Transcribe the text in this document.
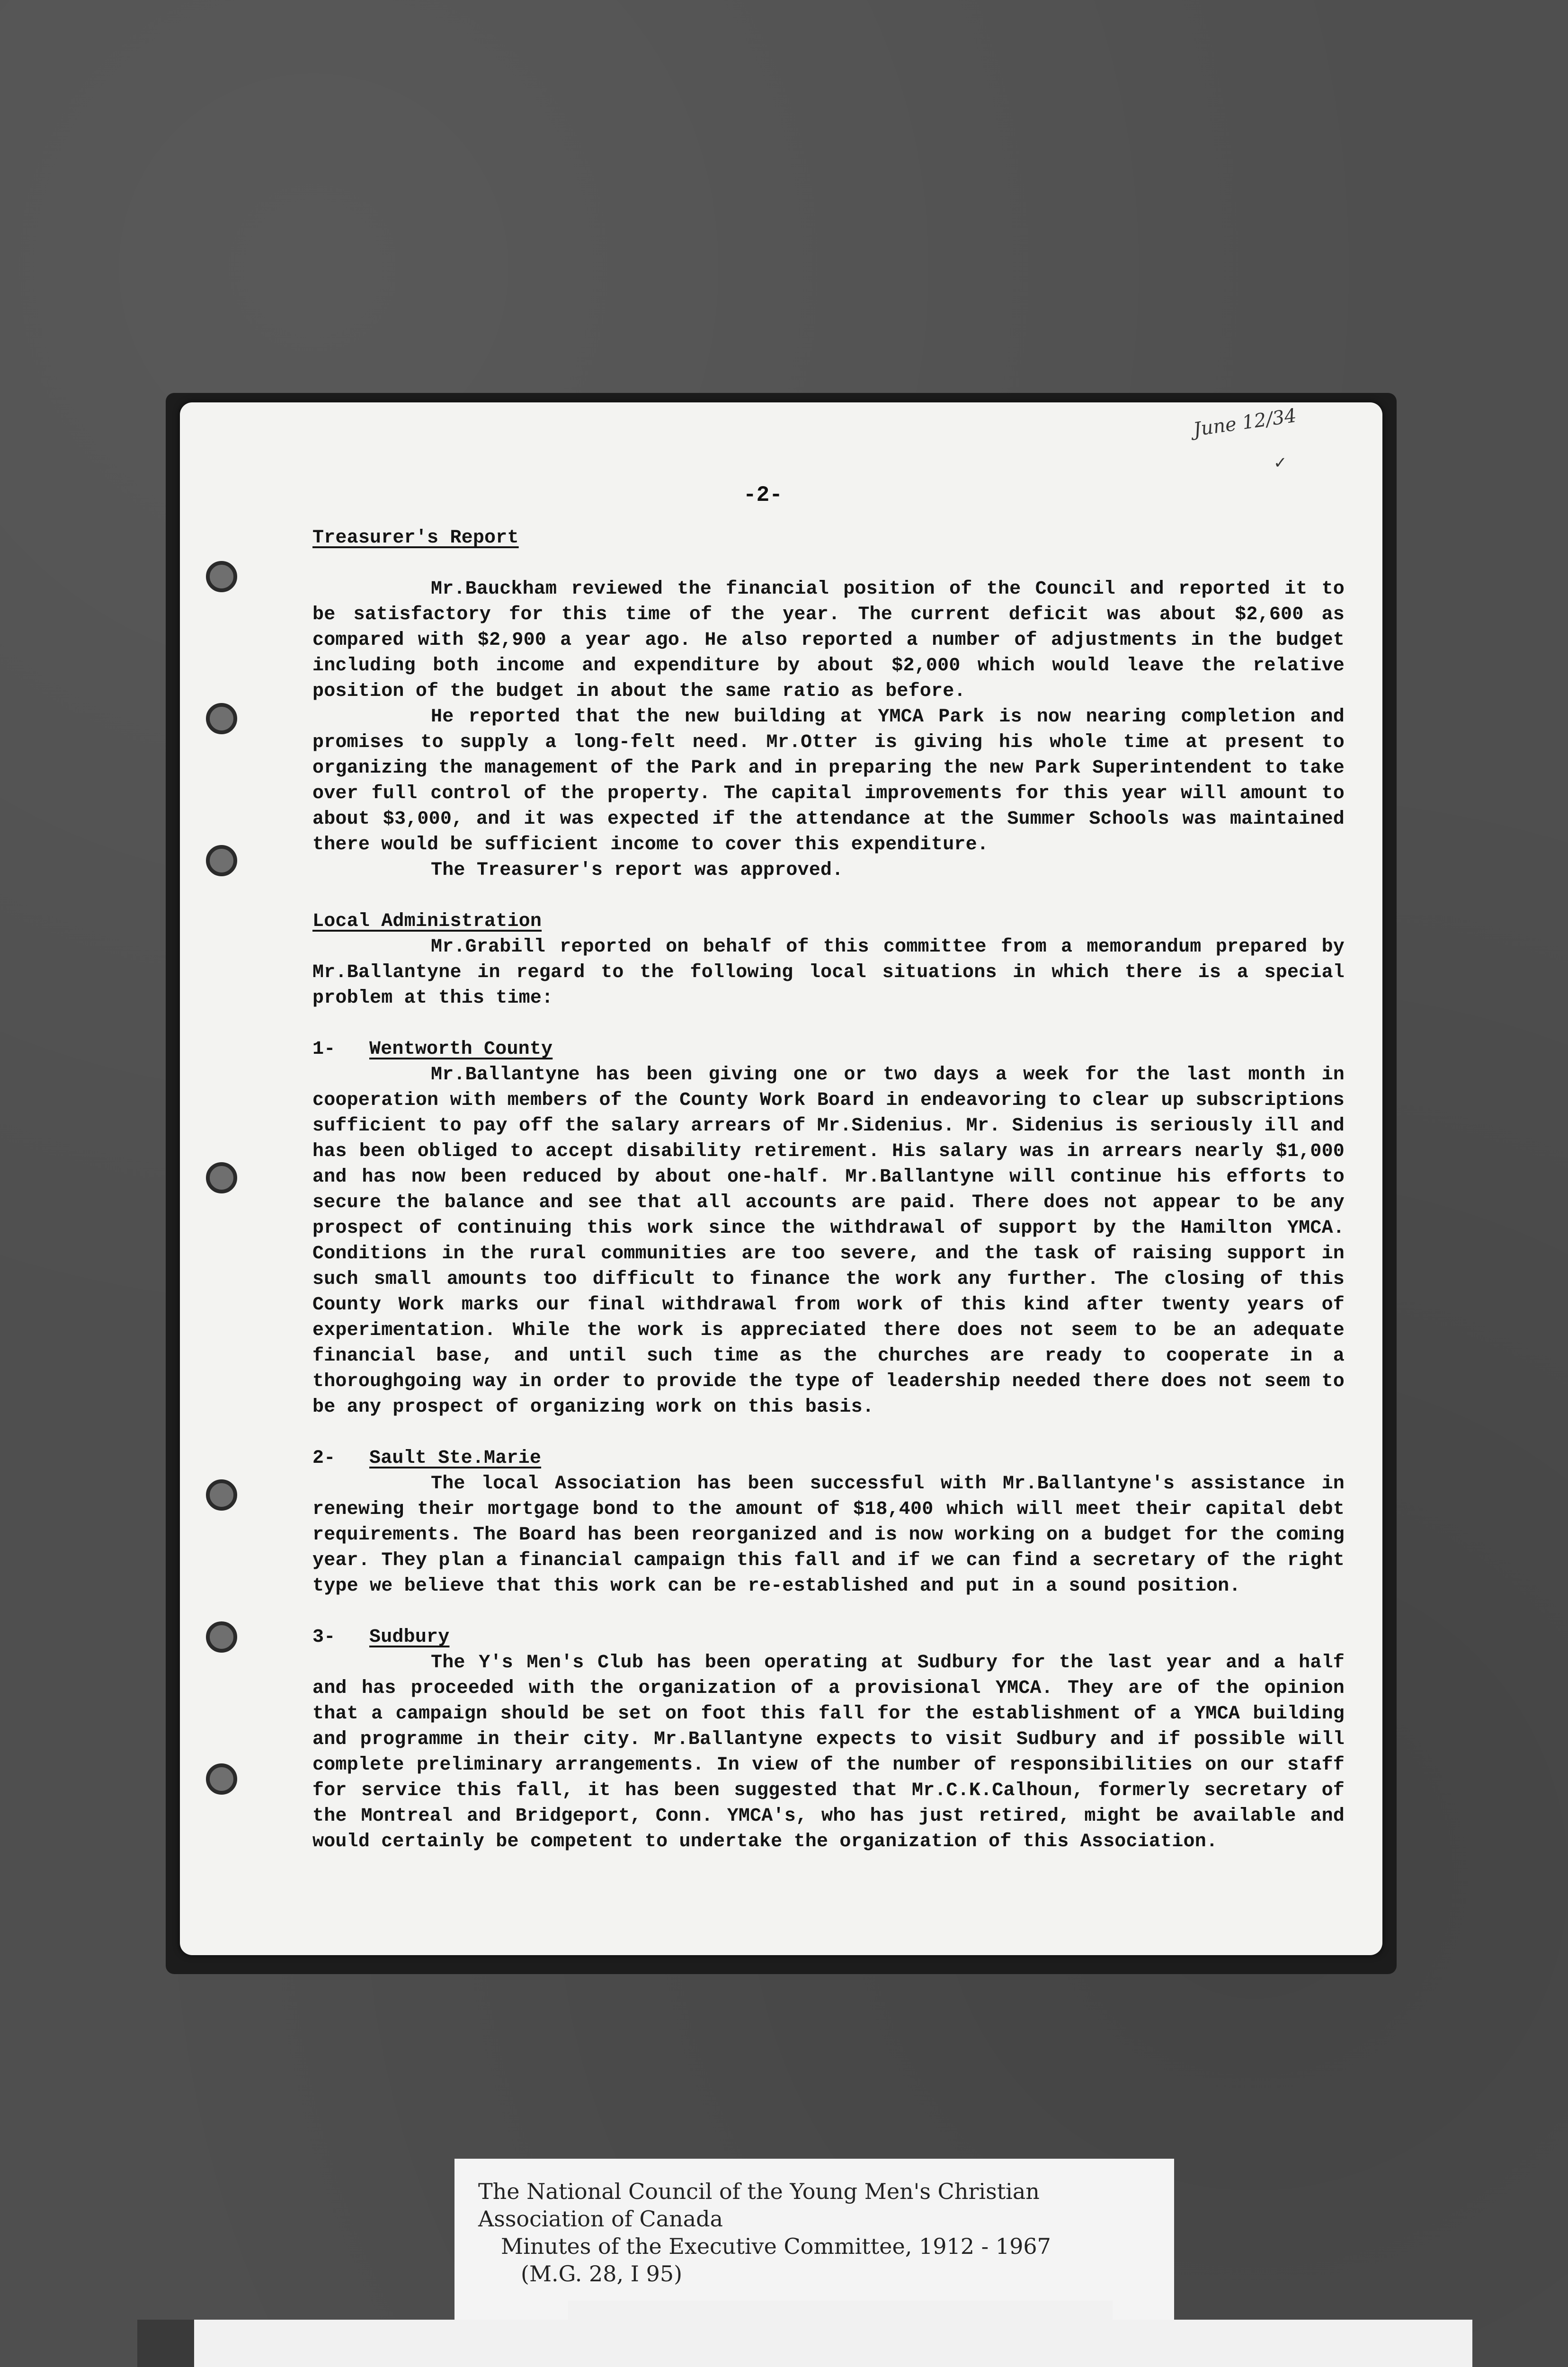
June 12/34
✓
-2-

Treasurer's Report

Mr.Bauckham reviewed the financial position of the Council and reported it to be satisfactory for this time of the year. The current deficit was about $2,600 as compared with $2,900 a year ago. He also reported a number of adjustments in the budget including both income and expenditure by about $2,000 which would leave the relative position of the budget in about the same ratio as before.

He reported that the new building at YMCA Park is now nearing completion and promises to supply a long-felt need. Mr.Otter is giving his whole time at present to organizing the management of the Park and in preparing the new Park Superintendent to take over full control of the property. The capital improvements for this year will amount to about $3,000, and it was expected if the attendance at the Summer Schools was maintained there would be sufficient income to cover this expenditure.

The Treasurer's report was approved.

Local Administration

Mr.Grabill reported on behalf of this committee from a memorandum prepared by Mr.Ballantyne in regard to the following local situations in which there is a special problem at this time:

1- Wentworth County

Mr.Ballantyne has been giving one or two days a week for the last month in cooperation with members of the County Work Board in endeavoring to clear up subscriptions sufficient to pay off the salary arrears of Mr.Sidenius. Mr. Sidenius is seriously ill and has been obliged to accept disability retirement. His salary was in arrears nearly $1,000 and has now been reduced by about one-half. Mr.Ballantyne will continue his efforts to secure the balance and see that all accounts are paid. There does not appear to be any prospect of continuing this work since the withdrawal of support by the Hamilton YMCA. Conditions in the rural communities are too severe, and the task of raising support in such small amounts too difficult to finance the work any further. The closing of this County Work marks our final withdrawal from work of this kind after twenty years of experimentation. While the work is appreciated there does not seem to be an adequate financial base, and until such time as the churches are ready to cooperate in a thoroughgoing way in order to provide the type of leadership needed there does not seem to be any prospect of organizing work on this basis.

2- Sault Ste.Marie

The local Association has been successful with Mr.Ballantyne's assistance in renewing their mortgage bond to the amount of $18,400 which will meet their capital debt requirements. The Board has been reorganized and is now working on a budget for the coming year. They plan a financial campaign this fall and if we can find a secretary of the right type we believe that this work can be re-established and put in a sound position.

3- Sudbury

The Y's Men's Club has been operating at Sudbury for the last year and a half and has proceeded with the organization of a provisional YMCA. They are of the opinion that a campaign should be set on foot this fall for the establishment of a YMCA building and programme in their city. Mr.Ballantyne expects to visit Sudbury and if possible will complete preliminary arrangements. In view of the number of responsibilities on our staff for service this fall, it has been suggested that Mr.C.K.Calhoun, formerly secretary of the Montreal and Bridgeport, Conn. YMCA's, who has just retired, might be available and would certainly be competent to undertake the organization of this Association.

The National Council of the Young Men's Christian
Association of Canada
Minutes of the Executive Committee, 1912 - 1967
(M.G. 28, I 95)
